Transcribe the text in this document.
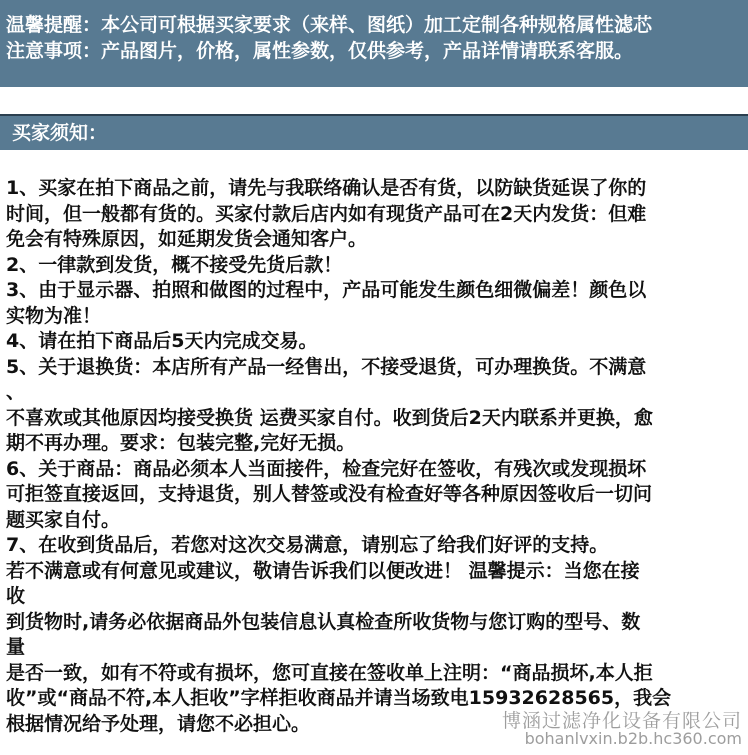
温馨提醒：本公司可根据买家要求（来样、图纸）加工定制各种规格属性滤芯
注意事项：产品图片，价格，属性参数，仅供参考，产品详情请联系客服。
买家须知：
1、买家在拍下商品之前，请先与我联络确认是否有货，以防缺货延误了你的
时间，但一般都有货的。买家付款后店内如有现货产品可在2天内发货：但难
免会有特殊原因，如延期发货会通知客户。
2、一律款到发货，概不接受先货后款！
3、由于显示器、拍照和做图的过程中，产品可能发生颜色细微偏差！颜色以
实物为准！
4、请在拍下商品后5天内完成交易。
5、关于退换货：本店所有产品一经售出，不接受退货，可办理换货。不满意
、
不喜欢或其他原因均接受换货 运费买家自付。收到货后2天内联系并更换，愈
期不再办理。要求：包装完整,完好无损。
6、关于商品：商品必须本人当面接件，检查完好在签收，有残次或发现损坏
可拒签直接返回，支持退货，别人替签或没有检查好等各种原因签收后一切问
题买家自付。
7、在收到货品后，若您对这次交易满意，请别忘了给我们好评的支持。
若不满意或有何意见或建议，敬请告诉我们以便改进！ 温馨提示：当您在接
收
到货物时,请务必依据商品外包装信息认真检查所收货物与您订购的型号、数
量
是否一致，如有不符或有损坏，您可直接在签收单上注明：“商品损坏,本人拒
收”或“商品不符,本人拒收”字样拒收商品并请当场致电15932628565，我会
根据情况给予处理，请您不必担心。	博涵过滤净化设备有限公司
bohanlvxin.b2b.hc360.com
